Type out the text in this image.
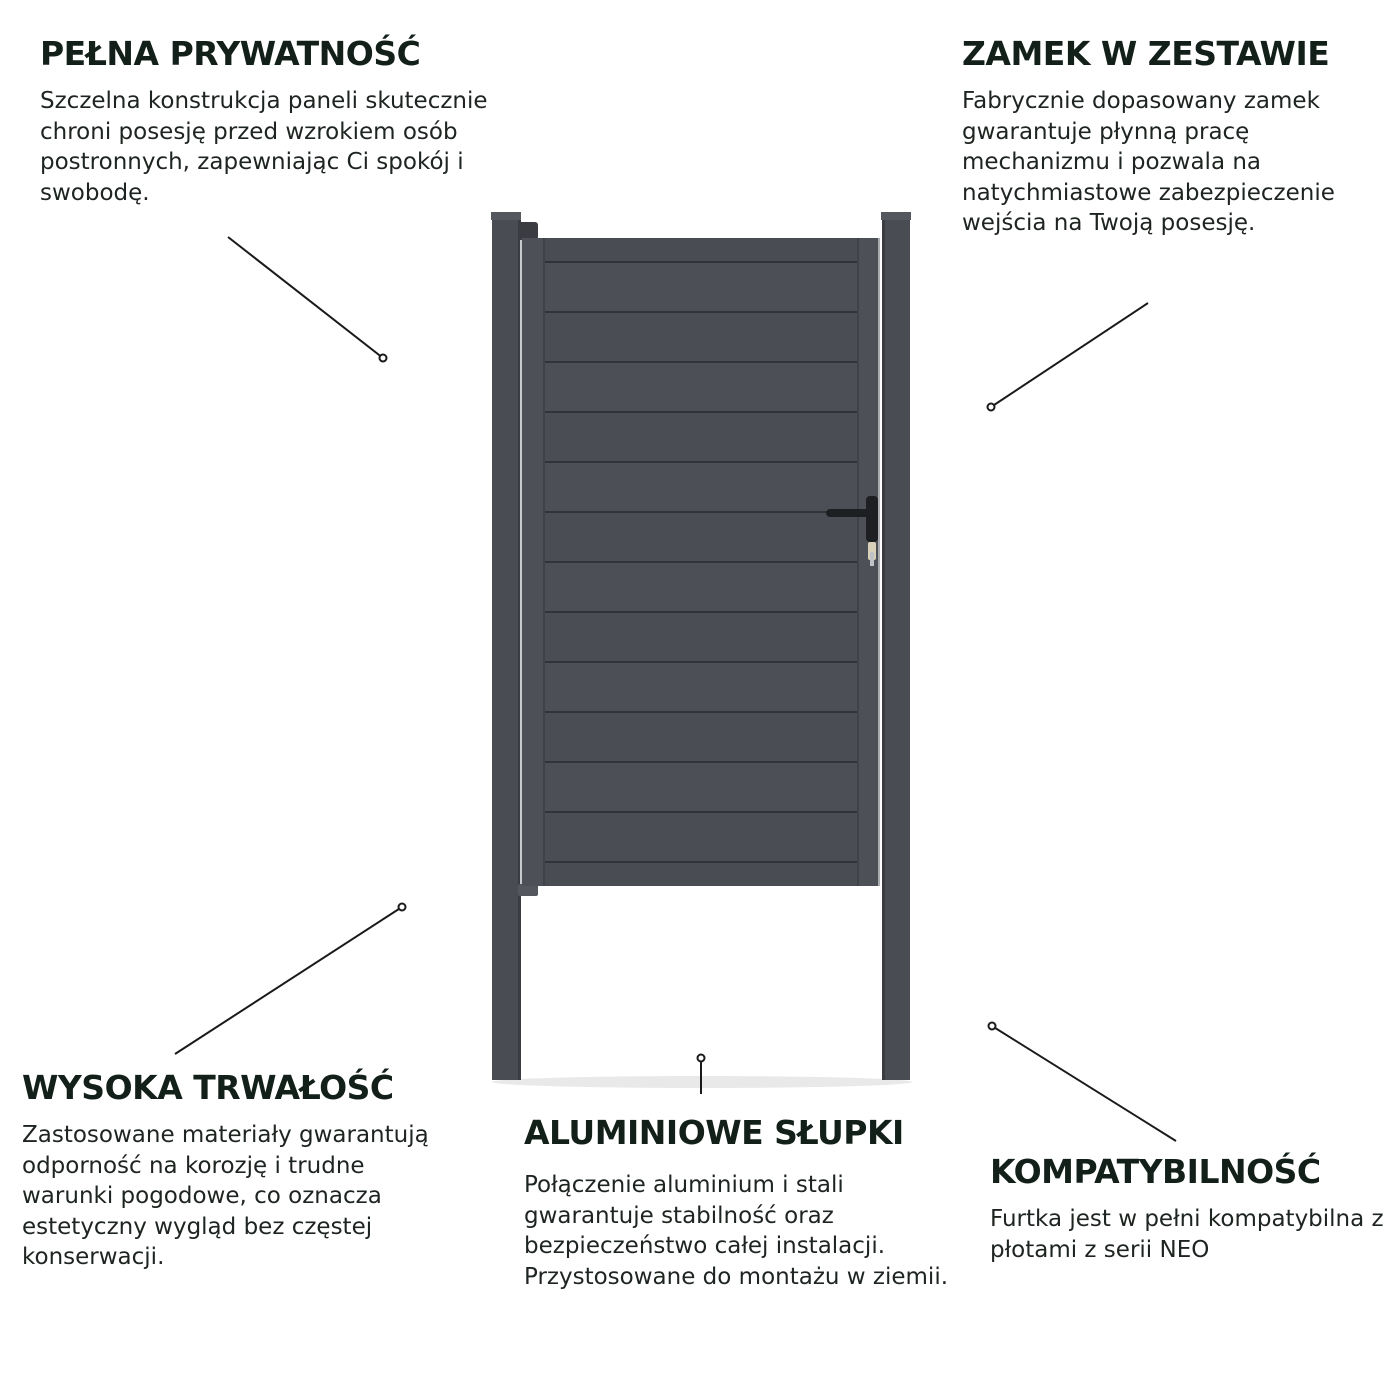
PEŁNA PRYWATNOŚĆ

Szczelna konstrukcja paneli skutecznie chroni posesję przed wzrokiem osób postronnych, zapewniając Ci spokój i swobodę.

ZAMEK W ZESTAWIE

Fabrycznie dopasowany zamek gwarantuje płynną pracę mechanizmu i pozwala na natychmiastowe zabezpieczenie wejścia na Twoją posesję.

WYSOKA TRWAŁOŚĆ

Zastosowane materiały gwarantują odporność na korozję i trudne warunki pogodowe, co oznacza estetyczny wygląd bez częstej konserwacji.

ALUMINIOWE SŁUPKI

Połączenie aluminium i stali gwarantuje stabilność oraz bezpieczeństwo całej instalacji. Przystosowane do montażu w ziemii.

KOMPATYBILNOŚĆ

Furtka jest w pełni kompatybilna z płotami z serii NEO
